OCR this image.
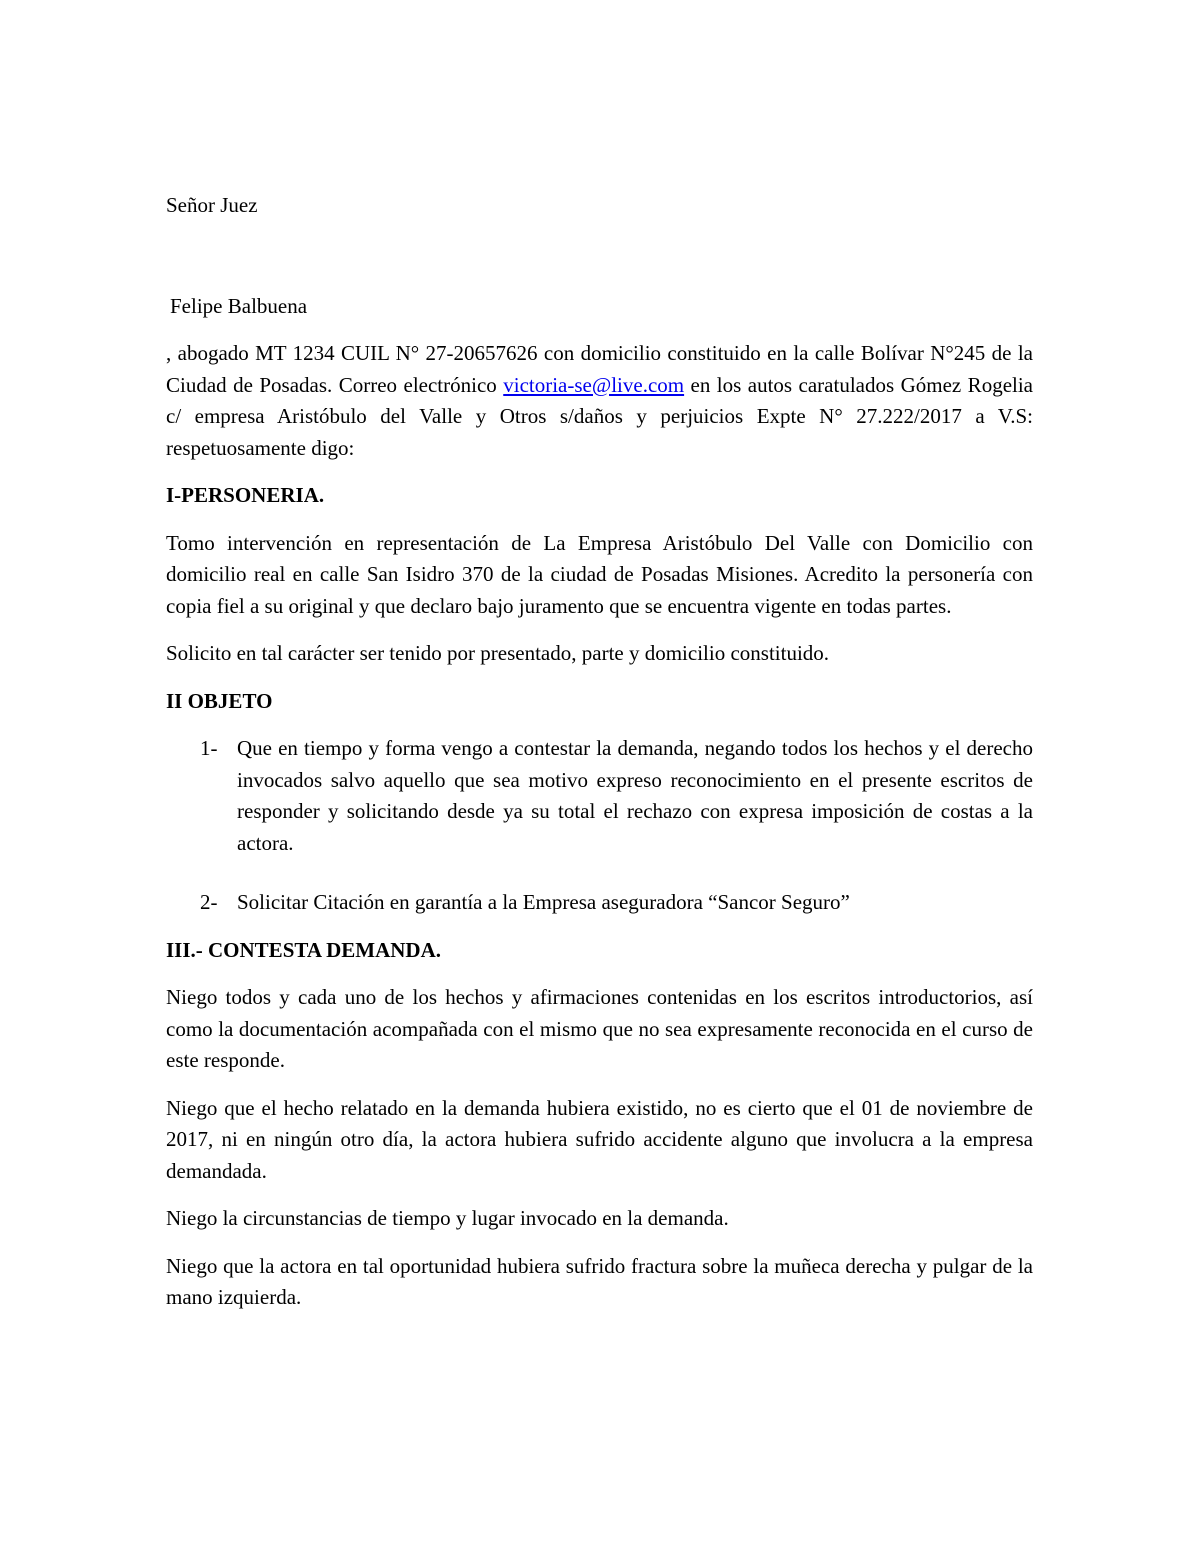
Señor Juez

Felipe Balbuena

, abogado MT 1234 CUIL N° 27-20657626 con domicilio constituido en la calle Bolívar N°245 de la Ciudad de Posadas. Correo electrónico victoria-se@live.com en los autos caratulados Gómez Rogelia c/ empresa Aristóbulo del Valle y Otros s/daños y perjuicios Expte N° 27.222/2017 a V.S: respetuosamente digo:

I-PERSONERIA.

Tomo intervención en representación de La Empresa Aristóbulo Del Valle con Domicilio con domicilio real en calle San Isidro 370 de la ciudad de Posadas Misiones. Acredito la personería con copia fiel a su original y que declaro bajo juramento que se encuentra vigente en todas partes.

Solicito en tal carácter ser tenido por presentado, parte y domicilio constituido.

II OBJETO

1- Que en tiempo y forma vengo a contestar la demanda, negando todos los hechos y el derecho invocados salvo aquello que sea motivo expreso reconocimiento en el presente escritos de responder y solicitando desde ya su total el rechazo con expresa imposición de costas a la actora.
2- Solicitar Citación en garantía a la Empresa aseguradora “Sancor Seguro”

III.- CONTESTA DEMANDA.

Niego todos y cada uno de los hechos y afirmaciones contenidas en los escritos introductorios, así como la documentación acompañada con el mismo que no sea expresamente reconocida en el curso de este responde.

Niego que el hecho relatado en la demanda hubiera existido, no es cierto que el 01 de noviembre de 2017, ni en ningún otro día, la actora hubiera sufrido accidente alguno que involucra a la empresa demandada.

Niego la circunstancias de tiempo y lugar invocado en la demanda.

Niego que la actora en tal oportunidad hubiera sufrido fractura sobre la muñeca derecha y pulgar de la mano izquierda.
